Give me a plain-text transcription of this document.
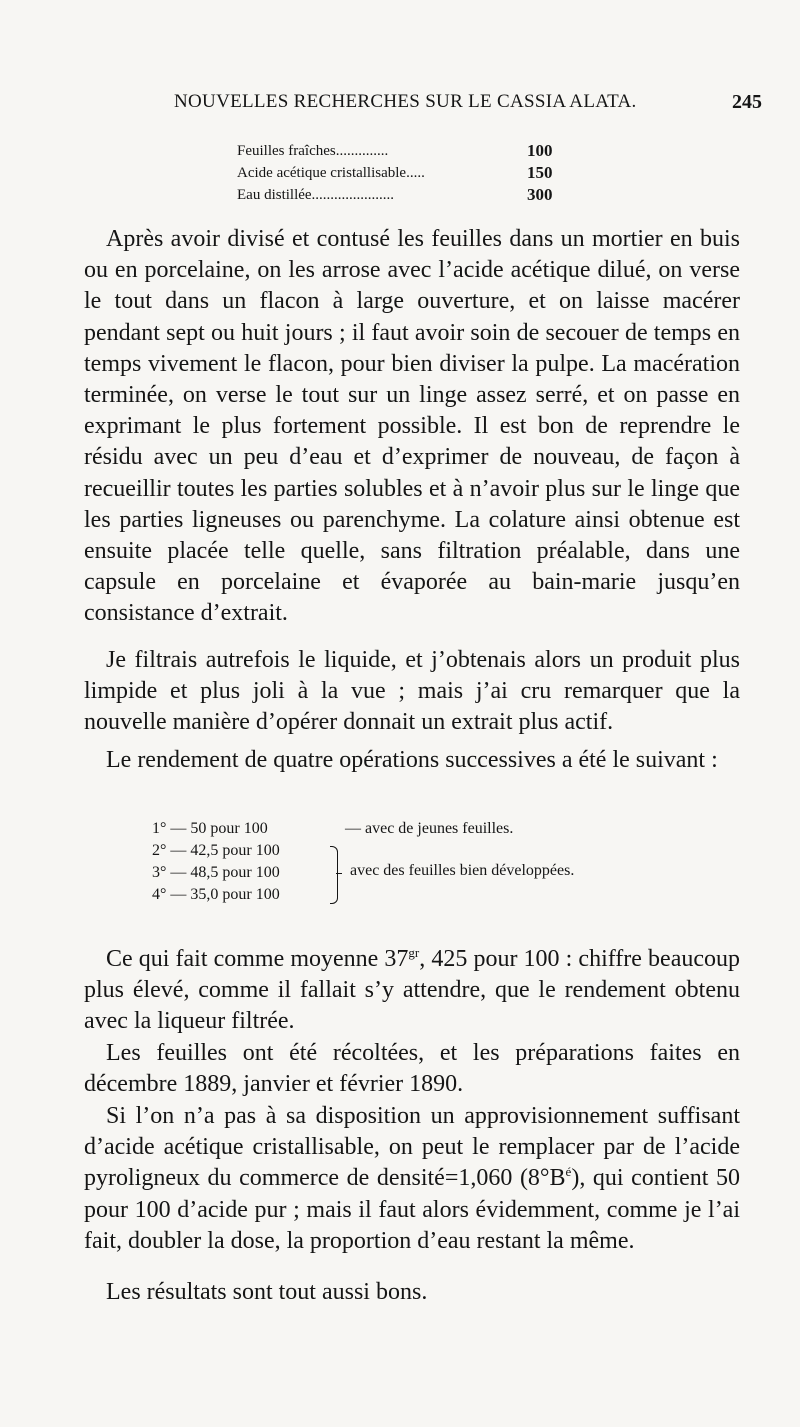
NOUVELLES RECHERCHES SUR LE CASSIA ALATA.	245
Feuilles fraîches..............	100
Acide acétique cristallisable.....	150
Eau distillée......................	300

Après avoir divisé et contusé les feuilles dans un mortier en buis ou en porcelaine, on les arrose avec l’acide acétique dilué, on verse le tout dans un flacon à large ouverture, et on laisse macérer pendant sept ou huit jours ; il faut avoir soin de secouer de temps en temps vivement le flacon, pour bien diviser la pulpe. La macération terminée, on verse le tout sur un linge assez serré, et on passe en exprimant le plus fortement possible. Il est bon de reprendre le résidu avec un peu d’eau et d’exprimer de nouveau, de façon à recueillir toutes les parties solubles et à n’avoir plus sur le linge que les parties ligneuses ou parenchyme. La colature ainsi obtenue est ensuite placée telle quelle, sans filtration préalable, dans une capsule en porcelaine et évaporée au bain-marie jusqu’en consistance d’extrait.

Je filtrais autrefois le liquide, et j’obtenais alors un produit plus limpide et plus joli à la vue ; mais j’ai cru remarquer que la nouvelle manière d’opérer donnait un extrait plus actif.

Le rendement de quatre opérations successives a été le suivant :

1° — 50 pour 100	— avec de jeunes feuilles.
2° — 42,5 pour 100
3° — 48,5 pour 100
4° — 35,0 pour 100
avec des feuilles bien développées.

Ce qui fait comme moyenne $37^{gr}$, 425 pour 100 : chiffre beaucoup plus élevé, comme il fallait s’y attendre, que le rendement obtenu avec la liqueur filtrée.

Les feuilles ont été récoltées, et les préparations faites en décembre 1889, janvier et février 1890.

Si l’on n’a pas à sa disposition un approvisionnement suffisant d’acide acétique cristallisable, on peut le remplacer par de l’acide pyroligneux du commerce de densité=1,060 $(8^\circ B^é)$, qui contient 50 pour 100 d’acide pur ; mais il faut alors évidemment, comme je l’ai fait, doubler la dose, la proportion d’eau restant la même.

Les résultats sont tout aussi bons.
